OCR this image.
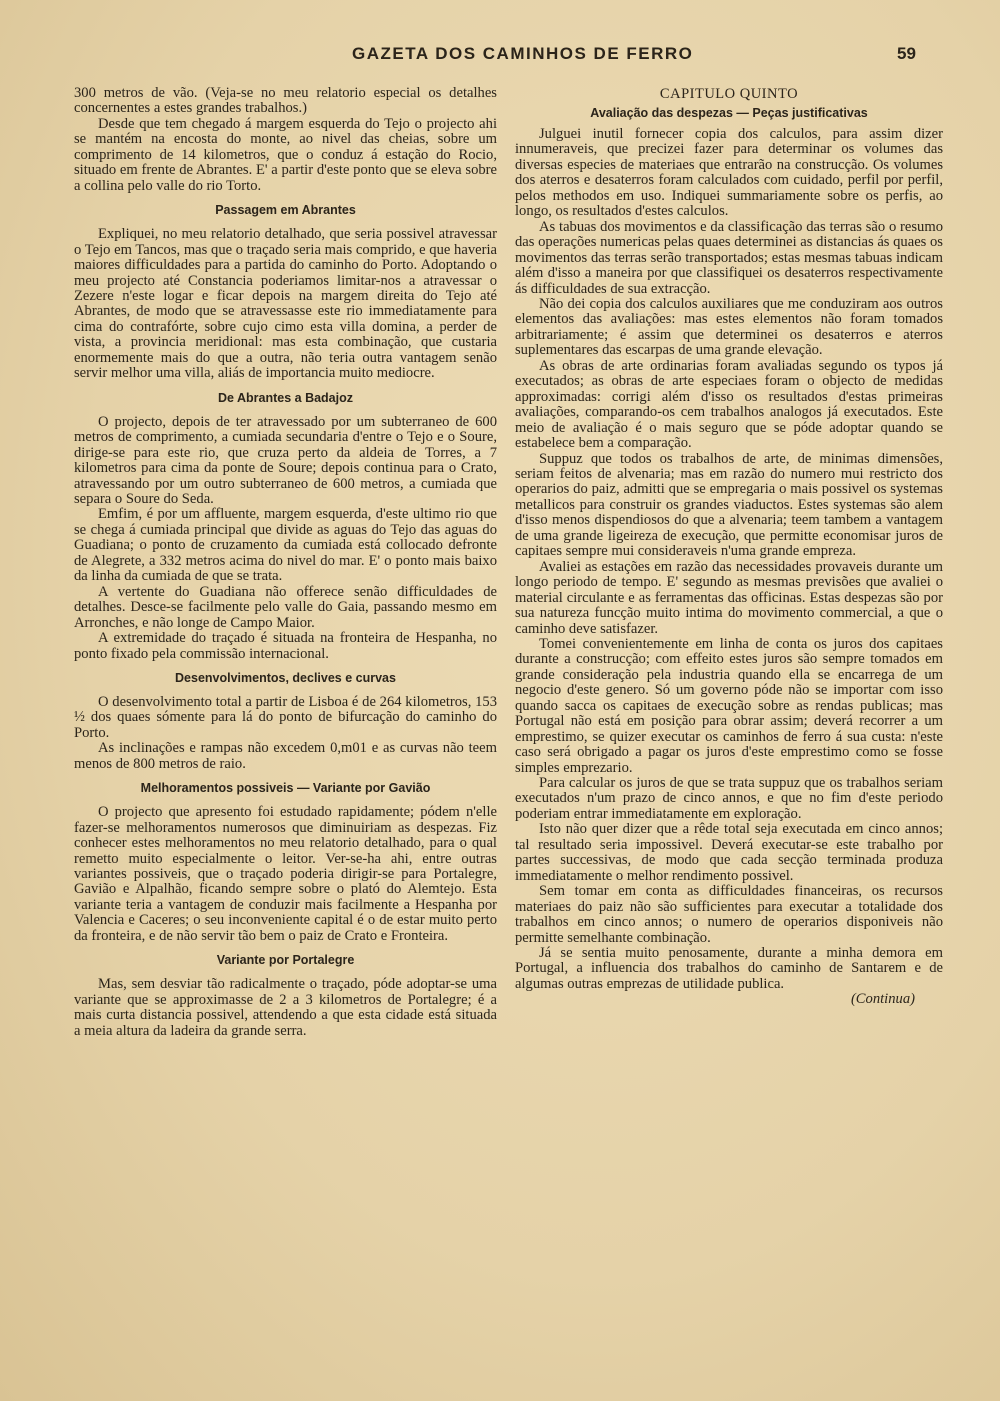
GAZETA DOS CAMINHOS DE FERRO	59

300 metros de vão. (Veja-se no meu relatorio especial os detalhes concernentes a estes grandes trabalhos.)

Desde que tem chegado á margem esquerda do Tejo o projecto ahi se mantém na encosta do monte, ao nivel das cheias, sobre um comprimento de 14 kilometros, que o conduz á estação do Rocio, situado em frente de Abrantes. E' a partir d'este ponto que se eleva sobre a collina pelo valle do rio Torto.

Passagem em Abrantes

Expliquei, no meu relatorio detalhado, que seria possivel atravessar o Tejo em Tancos, mas que o traçado seria mais comprido, e que haveria maiores difficuldades para a partida do caminho do Porto. Adoptando o meu projecto até Constancia poderiamos limitar-nos a atravessar o Zezere n'este logar e ficar depois na margem direita do Tejo até Abrantes, de modo que se atravessasse este rio immediatamente para cima do contrafórte, sobre cujo cimo esta villa domina, a perder de vista, a provincia meridional: mas esta combinação, que custaria enormemente mais do que a outra, não teria outra vantagem senão servir melhor uma villa, aliás de importancia muito mediocre.

De Abrantes a Badajoz

O projecto, depois de ter atravessado por um subterraneo de 600 metros de comprimento, a cumiada secundaria d'entre o Tejo e o Soure, dirige-se para este rio, que cruza perto da aldeia de Torres, a 7 kilometros para cima da ponte de Soure; depois continua para o Crato, atravessando por um outro subterraneo de 600 metros, a cumiada que separa o Soure do Seda.

Emfim, é por um affluente, margem esquerda, d'este ultimo rio que se chega á cumiada principal que divide as aguas do Tejo das aguas do Guadiana; o ponto de cruzamento da cumiada está collocado defronte de Alegrete, a 332 metros acima do nivel do mar. E' o ponto mais baixo da linha da cumiada de que se trata.

A vertente do Guadiana não offerece senão difficuldades de detalhes. Desce-se facilmente pelo valle do Gaia, passando mesmo em Arronches, e não longe de Campo Maior.

A extremidade do traçado é situada na fronteira de Hespanha, no ponto fixado pela commissão internacional.

Desenvolvimentos, declives e curvas

O desenvolvimento total a partir de Lisboa é de 264 kilometros, 153 ½ dos quaes sómente para lá do ponto de bifurcação do caminho do Porto.

As inclinações e rampas não excedem 0,m01 e as curvas não teem menos de 800 metros de raio.

Melhoramentos possiveis — Variante por Gavião

O projecto que apresento foi estudado rapidamente; pódem n'elle fazer-se melhoramentos numerosos que diminuiriam as despezas. Fiz conhecer estes melhoramentos no meu relatorio detalhado, para o qual remetto muito especialmente o leitor. Ver-se-ha ahi, entre outras variantes possiveis, que o traçado poderia dirigir-se para Portalegre, Gavião e Alpalhão, ficando sempre sobre o plató do Alemtejo. Esta variante teria a vantagem de conduzir mais facilmente a Hespanha por Valencia e Caceres; o seu inconveniente capital é o de estar muito perto da fronteira, e de não servir tão bem o paiz de Crato e Fronteira.

Variante por Portalegre

Mas, sem desviar tão radicalmente o traçado, póde adoptar-se uma variante que se approximasse de 2 a 3 kilometros de Portalegre; é a mais curta distancia possivel, attendendo a que esta cidade está situada a meia altura da ladeira da grande serra.

CAPITULO QUINTO
Avaliação das despezas — Peças justificativas

Julguei inutil fornecer copia dos calculos, para assim dizer innumeraveis, que precizei fazer para determinar os volumes das diversas especies de materiaes que entrarão na construcção. Os volumes dos aterros e desaterros foram calculados com cuidado, perfil por perfil, pelos methodos em uso. Indiquei summariamente sobre os perfis, ao longo, os resultados d'estes calculos.

As tabuas dos movimentos e da classificação das terras são o resumo das operações numericas pelas quaes determinei as distancias ás quaes os movimentos das terras serão transportados; estas mesmas tabuas indicam além d'isso a maneira por que classifiquei os desaterros respectivamente ás difficuldades de sua extracção.

Não dei copia dos calculos auxiliares que me conduziram aos outros elementos das avaliações: mas estes elementos não foram tomados arbitrariamente; é assim que determinei os desaterros e aterros suplementares das escarpas de uma grande elevação.

As obras de arte ordinarias foram avaliadas segundo os typos já executados; as obras de arte especiaes foram o objecto de medidas approximadas: corrigi além d'isso os resultados d'estas primeiras avaliações, comparando-os cem trabalhos analogos já executados. Este meio de avaliação é o mais seguro que se póde adoptar quando se estabelece bem a comparação.

Suppuz que todos os trabalhos de arte, de minimas dimensões, seriam feitos de alvenaria; mas em razão do numero mui restricto dos operarios do paiz, admitti que se empregaria o mais possivel os systemas metallicos para construir os grandes viaductos. Estes systemas são alem d'isso menos dispendiosos do que a alvenaria; teem tambem a vantagem de uma grande ligeireza de execução, que permitte economisar juros de capitaes sempre mui consideraveis n'uma grande empreza.

Avaliei as estações em razão das necessidades provaveis durante um longo periodo de tempo. E' segundo as mesmas previsões que avaliei o material circulante e as ferramentas das officinas. Estas despezas são por sua natureza funcção muito intima do movimento commercial, a que o caminho deve satisfazer.

Tomei convenientemente em linha de conta os juros dos capitaes durante a construcção; com effeito estes juros são sempre tomados em grande consideração pela industria quando ella se encarrega de um negocio d'este genero. Só um governo póde não se importar com isso quando sacca os capitaes de execução sobre as rendas publicas; mas Portugal não está em posição para obrar assim; deverá recorrer a um emprestimo, se quizer executar os caminhos de ferro á sua custa: n'este caso será obrigado a pagar os juros d'este emprestimo como se fosse simples emprezario.

Para calcular os juros de que se trata suppuz que os trabalhos seriam executados n'um prazo de cinco annos, e que no fim d'este periodo poderiam entrar immediatamente em exploração.

Isto não quer dizer que a rêde total seja executada em cinco annos; tal resultado seria impossivel. Deverá executar-se este trabalho por partes successivas, de modo que cada secção terminada produza immediatamente o melhor rendimento possivel.

Sem tomar em conta as difficuldades financeiras, os recursos materiaes do paiz não são sufficientes para executar a totalidade dos trabalhos em cinco annos; o numero de operarios disponiveis não permitte semelhante combinação.

Já se sentia muito penosamente, durante a minha demora em Portugal, a influencia dos trabalhos do caminho de Santarem e de algumas outras emprezas de utilidade publica.

(Continua)
